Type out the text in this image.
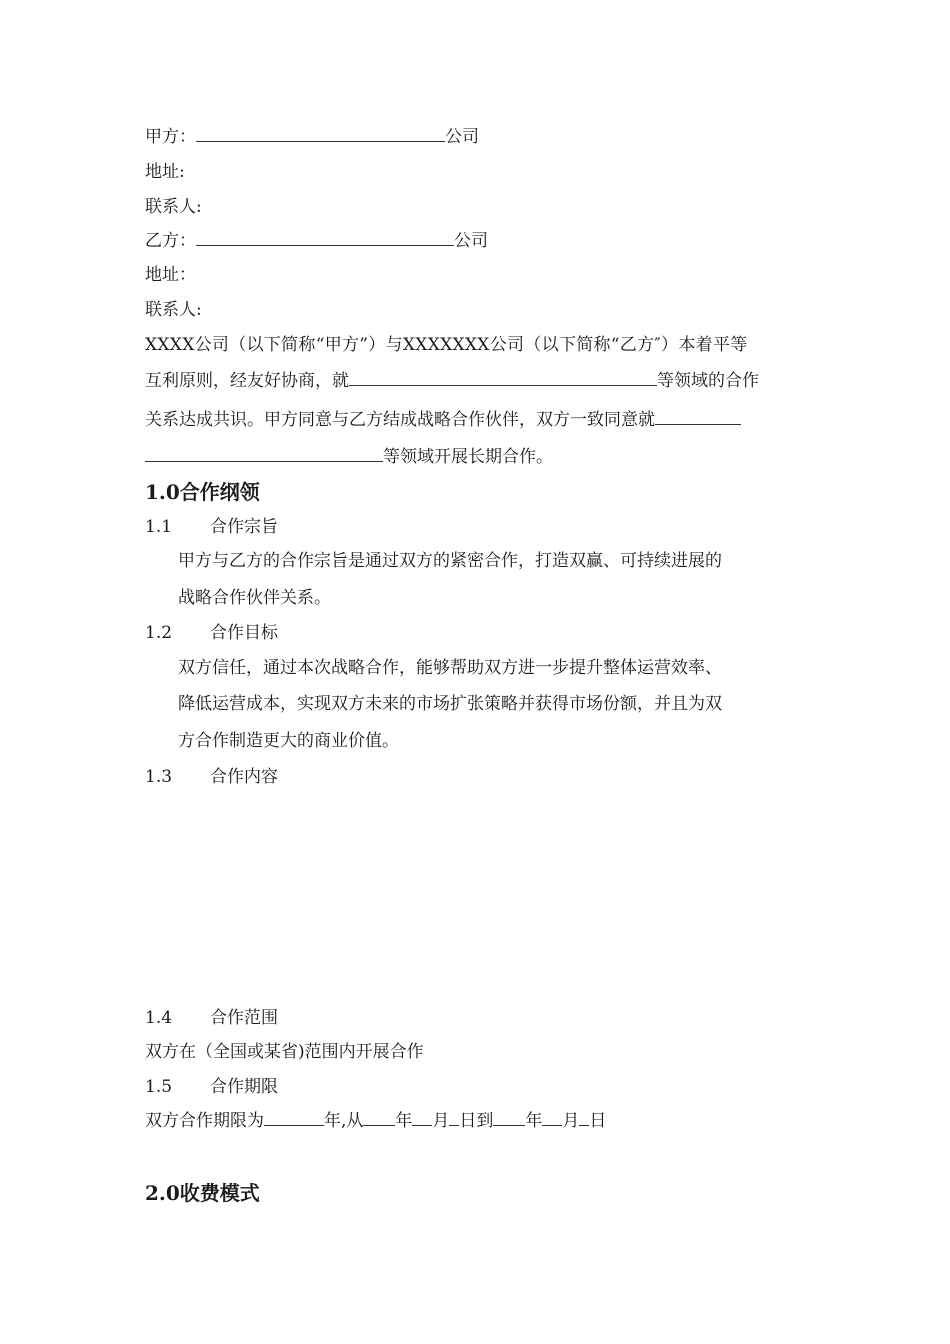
甲方：	公司
地址:
联系人:
乙方：	公司
地址：
联系人:
XXXX公司（以下简称“甲方”）与XXXXXXX公司（以下简称“乙方″）本着平等
互利原则，经友好协商，就	等领域的合作
关系达成共识。甲方同意与乙方结成战略合作伙伴，双方一致同意就
等领域开展长期合作。
1.0合作纲领
1.1 合作宗旨
甲方与乙方的合作宗旨是通过双方的紧密合作，打造双赢、可持续进展的
战略合作伙伴关系。
1.2 合作目标
双方信任，通过本次战略合作，能够帮助双方进一步提升整体运营效率、
降低运营成本，实现双方未来的市场扩张策略并获得市场份额，并且为双
方合作制造更大的商业价值。
1.3 合作内容
1.4 合作范围
双方在（全国或某省)范围内开展合作
1.5 合作期限
双方合作期限为	年,从 年 月 日到 年 月 日
2.0收费模式
